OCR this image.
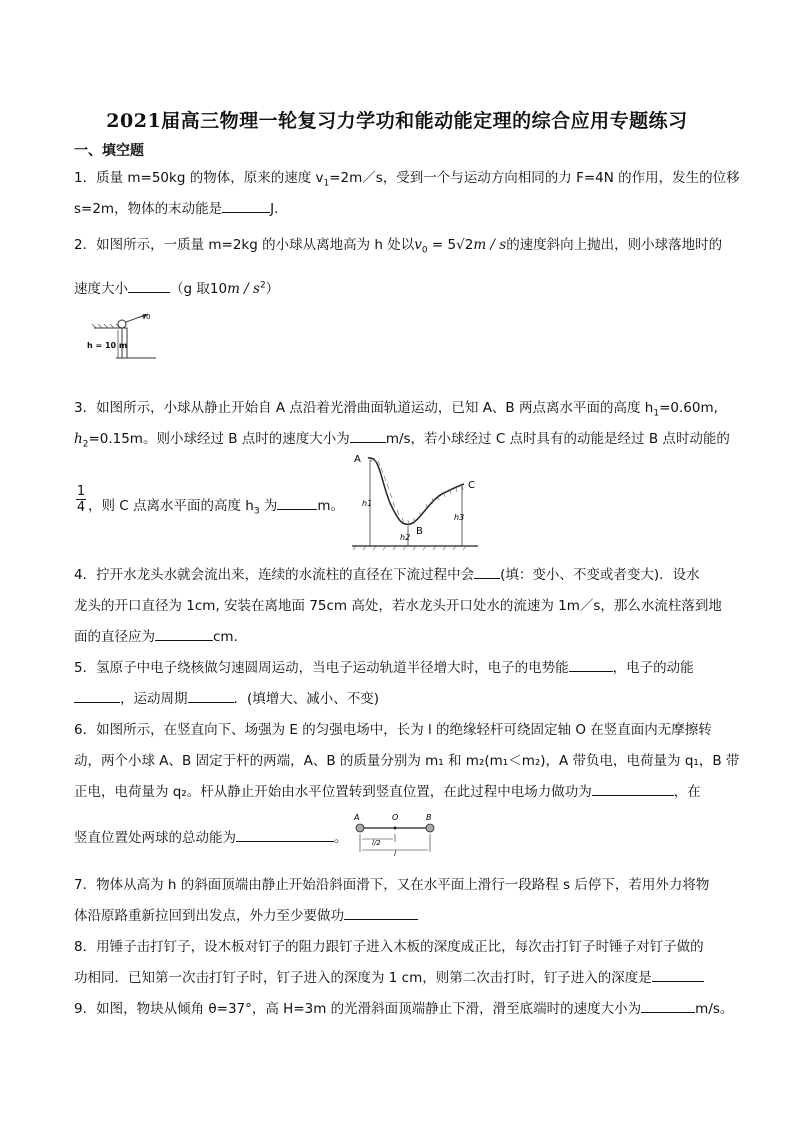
2021届高三物理一轮复习力学功和能动能定理的综合应用专题练习
一、填空题
1．质量 m=50kg 的物体，原来的速度 $v_1=2m/s$，受到一个与运动方向相同的力 F=4N 的作用，发生的位移
s=2m，物体的末动能是	J.
2．如图所示，一质量 m=2kg 的小球从离地高为 h 处以$v_0 = 5√2m / s$的速度斜向上抛出，则小球落地时的
速度大小	（g 取$10m / s^2$）
v0
h = 10 m
3．如图所示，小球从静止开始自 A 点沿着光滑曲面轨道运动，已知 A、B 两点离水平面的高度 $h_1=0.60m$,
$h_2=0.15m$。则小球经过 B 点时的速度大小为	m/s，若小球经过 C 点时具有的动能是经过 B 点时动能的
$\frac{1}{4}$ ，则 C 点离水平面的高度 $h_3$ 为	m。
A
B
C
h1
h2
h3
4．拧开水龙头水就会流出来，连续的水流柱的直径在下流过程中会 (填：变小、不变或者变大)．设水
龙头的开口直径为 1cm, 安装在离地面 75cm 高处，若水龙头开口处水的流速为 1m／s，那么水流柱落到地
面的直径应为	cm.
5．氢原子中电子绕核做匀速圆周运动，当电子运动轨道半径增大时，电子的电势能	，电子的动能
，运动周期	．(填增大、减小、不变)
6．如图所示，在竖直向下、场强为 E 的匀强电场中，长为 l 的绝缘轻杆可绕固定轴 O 在竖直面内无摩擦转
动，两个小球 A、B 固定于杆的两端，A、B 的质量分别为 m₁ 和 m₂(m₁＜m₂)，A 带负电，电荷量为 q₁，B 带
正电，电荷量为 q₂。杆从静止开始由水平位置转到竖直位置，在此过程中电场力做功为	，在
竖直位置处两球的总动能为	。
A	O	B
l/2
l
7．物体从高为 h 的斜面顶端由静止开始沿斜面滑下，又在水平面上滑行一段路程 s 后停下，若用外力将物
体沿原路重新拉回到出发点，外力至少要做功
8．用锤子击打钉子，设木板对钉子的阻力跟钉子进入木板的深度成正比，每次击打钉子时锤子对钉子做的
功相同．已知第一次击打钉子时，钉子进入的深度为 1 cm，则第二次击打时，钉子进入的深度是
9．如图，物块从倾角 θ=37°，高 H=3m 的光滑斜面顶端静止下滑，滑至底端时的速度大小为	m/s。
